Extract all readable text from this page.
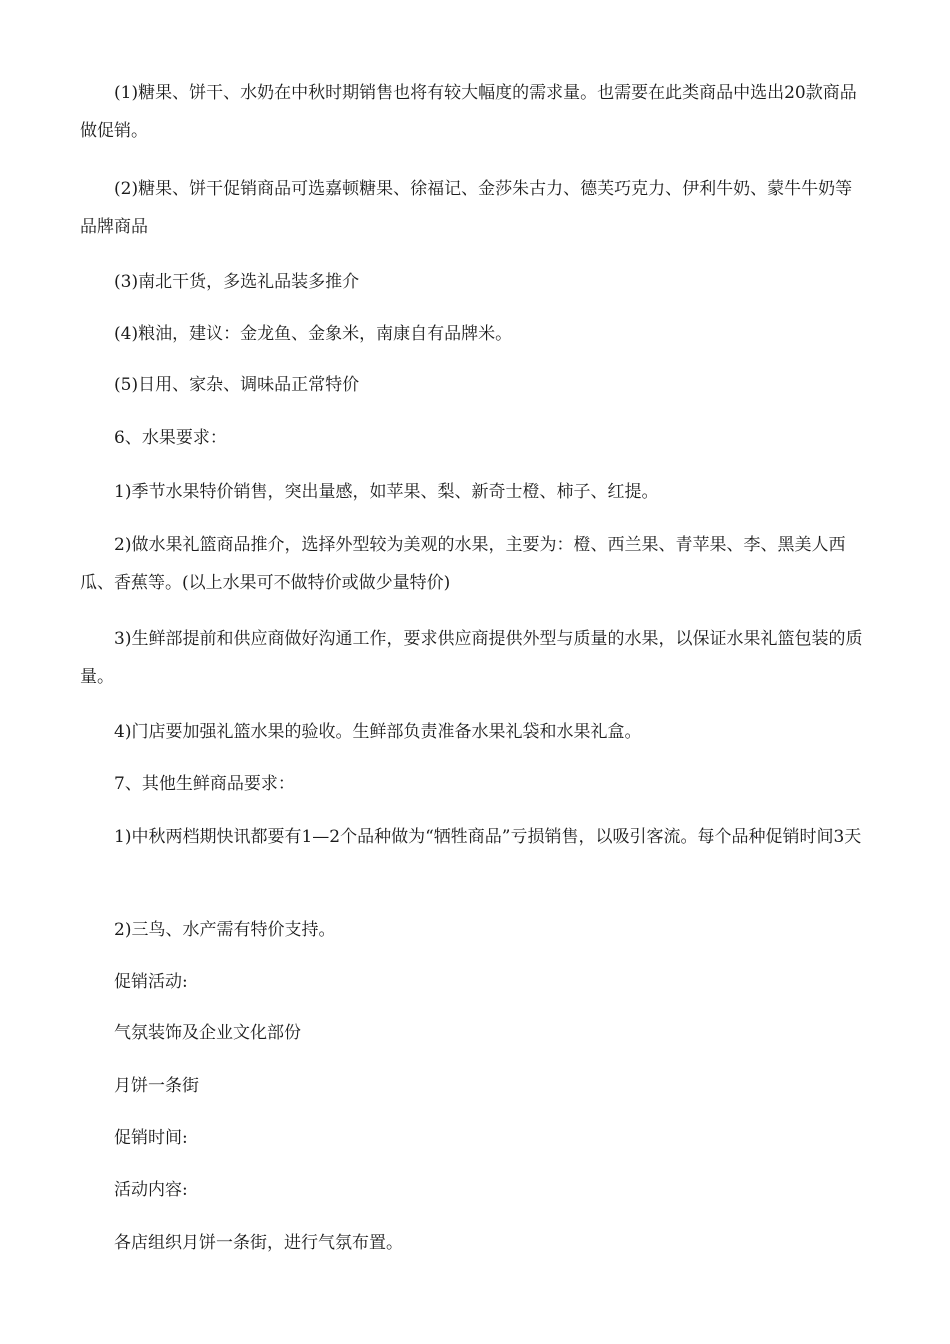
(1)糖果、饼干、水奶在中秋时期销售也将有较大幅度的需求量。也需要在此类商品中选出20款商品做促销。

(2)糖果、饼干促销商品可选嘉顿糖果、徐福记、金莎朱古力、德芙巧克力、伊利牛奶、蒙牛牛奶等品牌商品

(3)南北干货，多选礼品装多推介

(4)粮油，建议：金龙鱼、金象米，南康自有品牌米。

(5)日用、家杂、调味品正常特价

6、水果要求：

1)季节水果特价销售，突出量感，如苹果、梨、新奇士橙、柿子、红提。

2)做水果礼篮商品推介，选择外型较为美观的水果，主要为：橙、西兰果、青苹果、李、黑美人西瓜、香蕉等。(以上水果可不做特价或做少量特价)

3)生鲜部提前和供应商做好沟通工作，要求供应商提供外型与质量的水果，以保证水果礼篮包装的质量。

4)门店要加强礼篮水果的验收。生鲜部负责准备水果礼袋和水果礼盒。

7、其他生鲜商品要求：

1)中秋两档期快讯都要有1—2个品种做为“牺牲商品”亏损销售，以吸引客流。每个品种促销时间3天

2)三鸟、水产需有特价支持。

促销活动:

气氛装饰及企业文化部份

月饼一条街

促销时间:

活动内容:

各店组织月饼一条街，进行气氛布置。
